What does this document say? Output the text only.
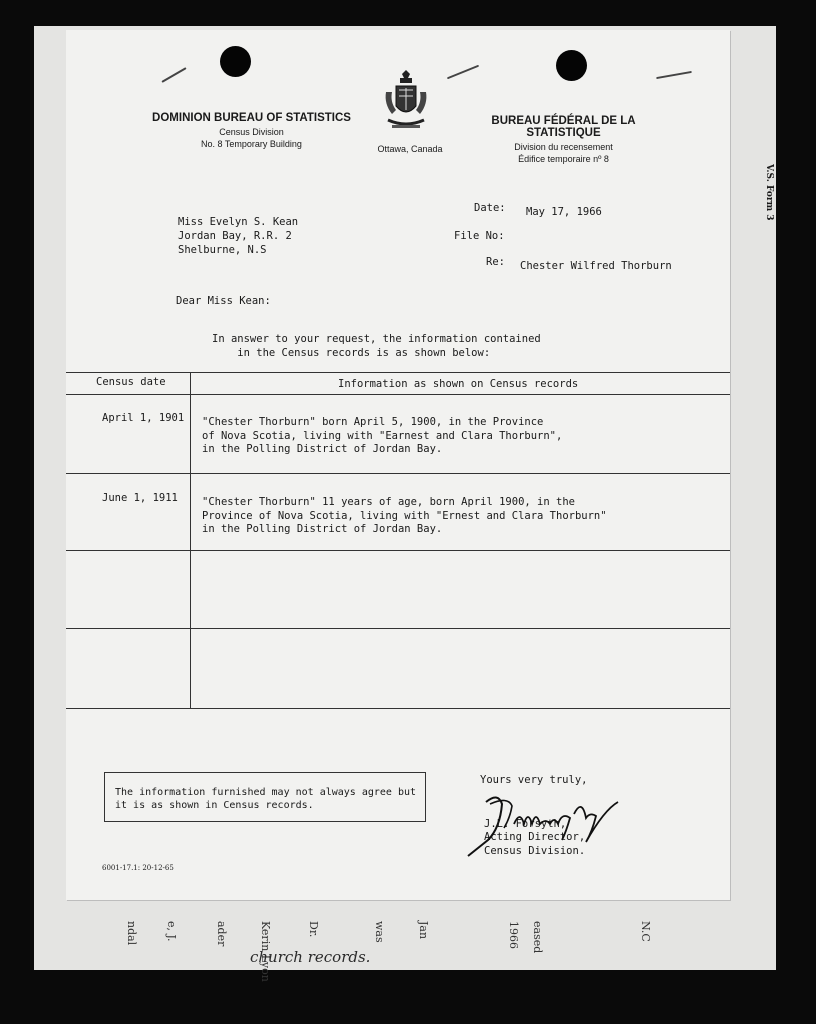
V.S. Form 3
ndal e, J.	ader	Kerin Lyon	Dr.	was	Jan	1966 eased	N.C
church records.
DOMINION BUREAU OF STATISTICS
Census Division
No. 8 Temporary Building	Ottawa, Canada
BUREAU FÉDÉRAL DE LA STATISTIQUE
Division du recensement
Édifice temporaire nº 8
Miss Evelyn S. Kean
Jordan Bay, R.R. 2
Shelburne, N.S
Date: May 17, 1966
File No:
Re: Chester Wilfred Thorburn
Dear Miss Kean:
In answer to your request, the information contained
in the Census records is as shown below:
Census date	Information as shown on Census records
April 1, 1901 "Chester Thorburn" born April 5, 1900, in the Province
of Nova Scotia, living with "Earnest and Clara Thorburn",
in the Polling District of Jordan Bay.
June 1, 1911 "Chester Thorburn" 11 years of age, born April 1900, in the
Province of Nova Scotia, living with "Ernest and Clara Thorburn"
in the Polling District of Jordan Bay.
The information furnished may not always agree but it is as shown in Census records.
Yours very truly,
J.L. Forsyth,
Acting Director,
Census Division.
6001-17.1: 20-12-65
